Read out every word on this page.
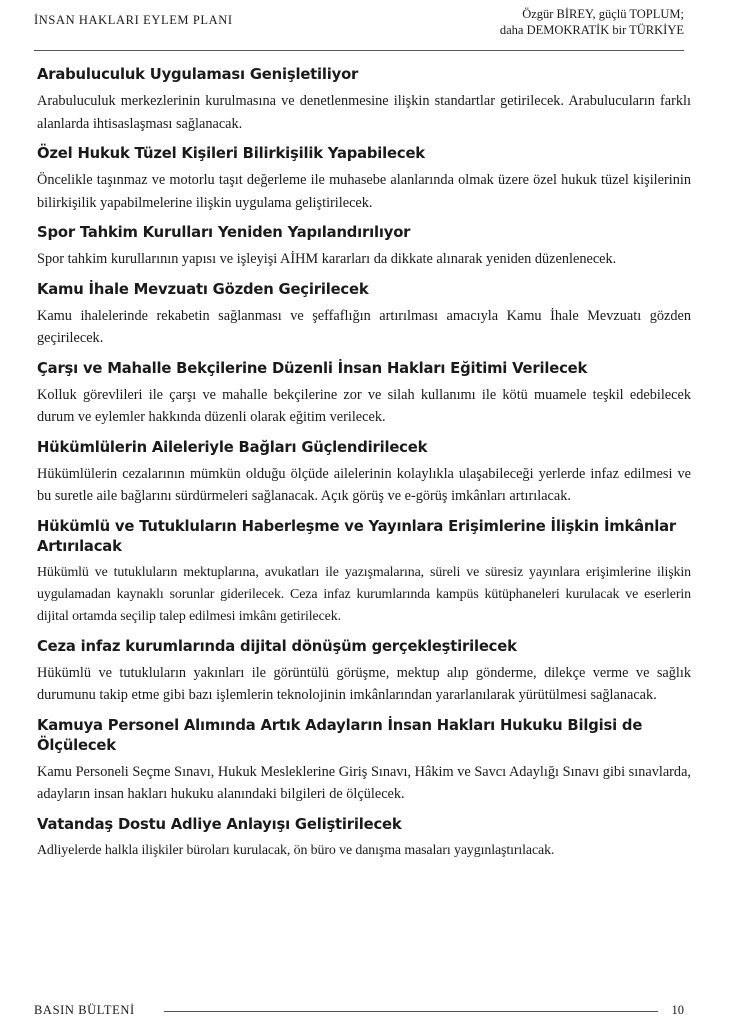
İNSAN HAKLARI EYLEM PLANI	Özgür BİREY, güçlü TOPLUM;
daha DEMOKRATİK bir TÜRKİYE
Arabuluculuk Uygulaması Genişletiliyor

Arabuluculuk merkezlerinin kurulmasına ve denetlenmesine ilişkin standartlar getirilecek. Arabulucuların farklı alanlarda ihtisaslaşması sağlanacak.

Özel Hukuk Tüzel Kişileri Bilirkişilik Yapabilecek

Öncelikle taşınmaz ve motorlu taşıt değerleme ile muhasebe alanlarında olmak üzere özel hukuk tüzel kişilerinin bilirkişilik yapabilmelerine ilişkin uygulama geliştirilecek.

Spor Tahkim Kurulları Yeniden Yapılandırılıyor

Spor tahkim kurullarının yapısı ve işleyişi AİHM kararları da dikkate alınarak yeniden düzenlenecek.

Kamu İhale Mevzuatı Gözden Geçirilecek

Kamu ihalelerinde rekabetin sağlanması ve şeffaflığın artırılması amacıyla Kamu İhale Mevzuatı gözden geçirilecek.

Çarşı ve Mahalle Bekçilerine Düzenli İnsan Hakları Eğitimi Verilecek

Kolluk görevlileri ile çarşı ve mahalle bekçilerine zor ve silah kullanımı ile kötü muamele teşkil edebilecek durum ve eylemler hakkında düzenli olarak eğitim verilecek.

Hükümlülerin Aileleriyle Bağları Güçlendirilecek

Hükümlülerin cezalarının mümkün olduğu ölçüde ailelerinin kolaylıkla ulaşabileceği yerlerde infaz edilmesi ve bu suretle aile bağlarını sürdürmeleri sağlanacak. Açık görüş ve e-görüş imkânları artırılacak.

Hükümlü ve Tutukluların Haberleşme ve Yayınlara Erişimlerine İlişkin İmkânlar Artırılacak

Hükümlü ve tutukluların mektuplarına, avukatları ile yazışmalarına, süreli ve süresiz yayınlara erişimlerine ilişkin uygulamadan kaynaklı sorunlar giderilecek. Ceza infaz kurumlarında kampüs kütüphaneleri kurulacak ve eserlerin dijital ortamda seçilip talep edilmesi imkânı getirilecek.

Ceza infaz kurumlarında dijital dönüşüm gerçekleştirilecek

Hükümlü ve tutukluların yakınları ile görüntülü görüşme, mektup alıp gönderme, dilekçe verme ve sağlık durumunu takip etme gibi bazı işlemlerin teknolojinin imkânlarından yararlanılarak yürütülmesi sağlanacak.

Kamuya Personel Alımında Artık Adayların İnsan Hakları Hukuku Bilgisi de Ölçülecek

Kamu Personeli Seçme Sınavı, Hukuk Mesleklerine Giriş Sınavı, Hâkim ve Savcı Adaylığı Sınavı gibi sınavlarda, adayların insan hakları hukuku alanındaki bilgileri de ölçülecek.

Vatandaş Dostu Adliye Anlayışı Geliştirilecek

Adliyelerde halkla ilişkiler büroları kurulacak, ön büro ve danışma masaları yaygınlaştırılacak.

BASIN BÜLTENİ	10
